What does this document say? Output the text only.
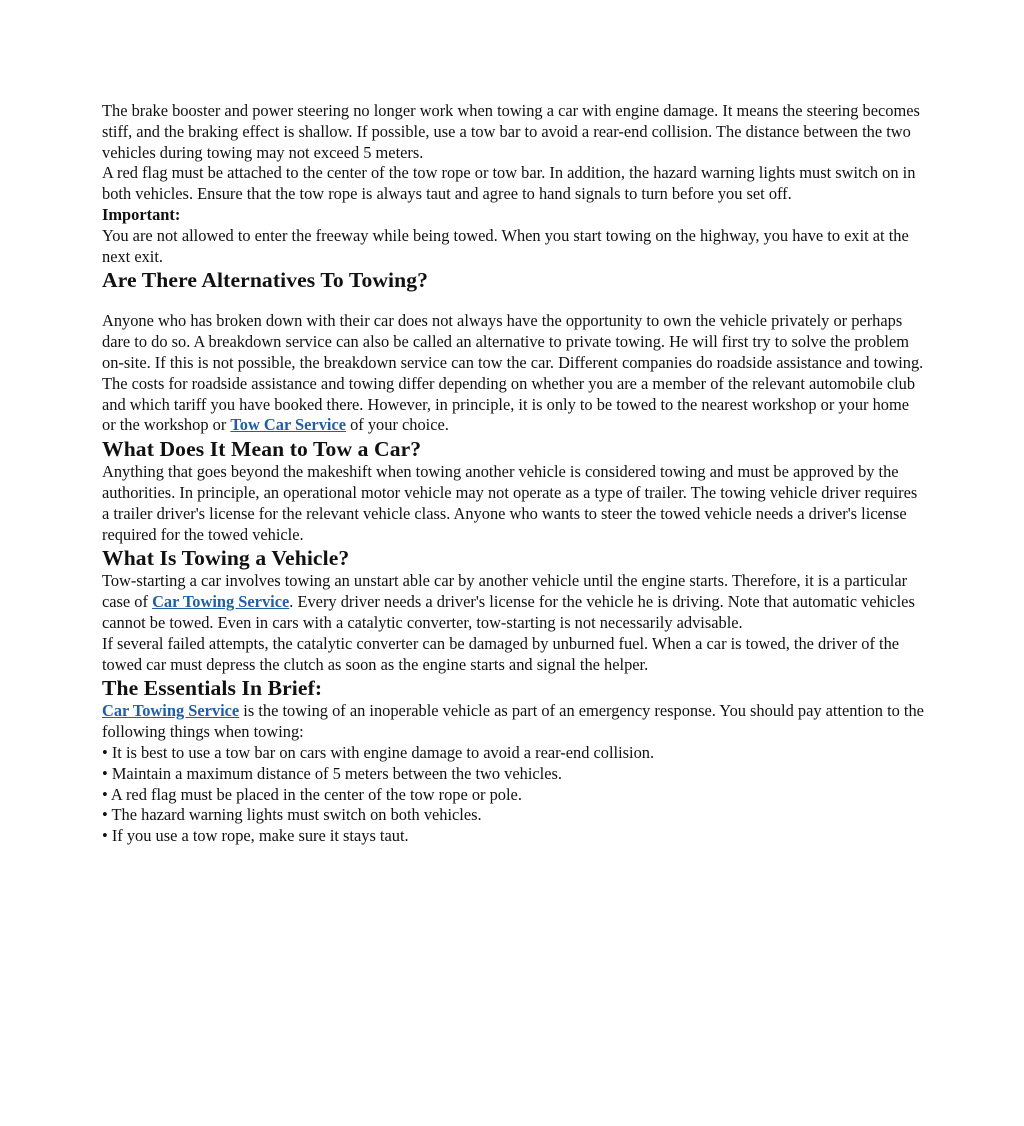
The brake booster and power steering no longer work when towing a car with engine damage. It means the steering becomes stiff, and the braking effect is shallow. If possible, use a tow bar to avoid a rear-end collision. The distance between the two vehicles during towing may not exceed 5 meters.

A red flag must be attached to the center of the tow rope or tow bar. In addition, the hazard warning lights must switch on in both vehicles. Ensure that the tow rope is always taut and agree to hand signals to turn before you set off.

Important:

You are not allowed to enter the freeway while being towed. When you start towing on the highway, you have to exit at the next exit.

Are There Alternatives To Towing?

Anyone who has broken down with their car does not always have the opportunity to own the vehicle privately or perhaps dare to do so. A breakdown service can also be called an alternative to private towing. He will first try to solve the problem on-site. If this is not possible, the breakdown service can tow the car. Different companies do roadside assistance and towing. The costs for roadside assistance and towing differ depending on whether you are a member of the relevant automobile club and which tariff you have booked there. However, in principle, it is only to be towed to the nearest workshop or your home or the workshop or Tow Car Service of your choice.

What Does It Mean to Tow a Car?

Anything that goes beyond the makeshift when towing another vehicle is considered towing and must be approved by the authorities. In principle, an operational motor vehicle may not operate as a type of trailer. The towing vehicle driver requires a trailer driver's license for the relevant vehicle class. Anyone who wants to steer the towed vehicle needs a driver's license required for the towed vehicle.

What Is Towing a Vehicle?

Tow-starting a car involves towing an unstart able car by another vehicle until the engine starts. Therefore, it is a particular case of Car Towing Service. Every driver needs a driver's license for the vehicle he is driving. Note that automatic vehicles cannot be towed. Even in cars with a catalytic converter, tow-starting is not necessarily advisable.

If several failed attempts, the catalytic converter can be damaged by unburned fuel. When a car is towed, the driver of the towed car must depress the clutch as soon as the engine starts and signal the helper.

The Essentials In Brief:

Car Towing Service is the towing of an inoperable vehicle as part of an emergency response. You should pay attention to the following things when towing:

• It is best to use a tow bar on cars with engine damage to avoid a rear-end collision.

• Maintain a maximum distance of 5 meters between the two vehicles.

• A red flag must be placed in the center of the tow rope or pole.

• The hazard warning lights must switch on both vehicles.

• If you use a tow rope, make sure it stays taut.
